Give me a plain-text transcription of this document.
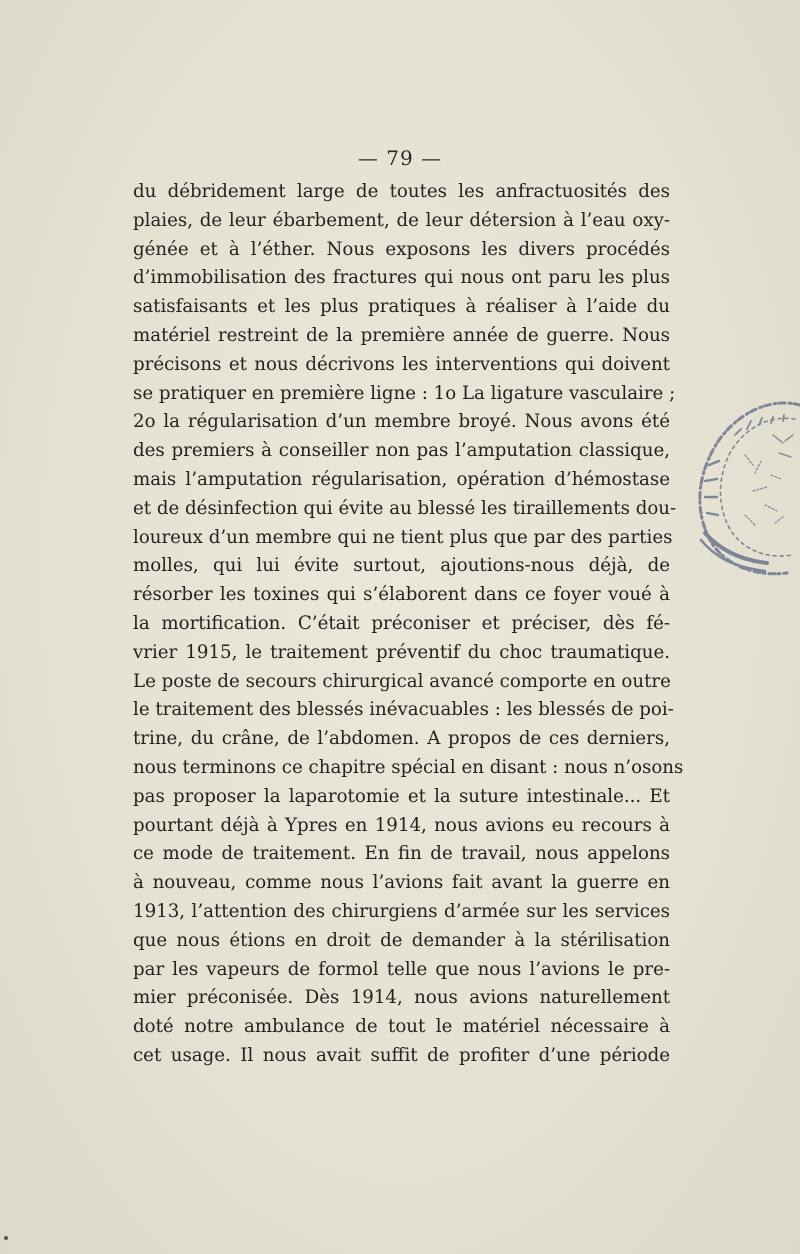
— 79 —
du débridement large de toutes les anfractuosités des
plaies, de leur ébarbement, de leur détersion à l’eau oxy-
génée et à l’éther. Nous exposons les divers procédés
d’immobilisation des fractures qui nous ont paru les plus
satisfaisants et les plus pratiques à réaliser à l’aide du
matériel restreint de la première année de guerre. Nous
précisons et nous décrivons les interventions qui doivent
se pratiquer en première ligne : 1o La ligature vasculaire ;
2o la régularisation d’un membre broyé. Nous avons été
des premiers à conseiller non pas l’amputation classique,
mais l’amputation régularisation, opération d’hémostase
et de désinfection qui évite au blessé les tiraillements dou-
loureux d’un membre qui ne tient plus que par des parties
molles, qui lui évite surtout, ajoutions-nous déjà, de
résorber les toxines qui s’élaborent dans ce foyer voué à
la mortification. C’était préconiser et préciser, dès fé-
vrier 1915, le traitement préventif du choc traumatique.
Le poste de secours chirurgical avancé comporte en outre
le traitement des blessés inévacuables : les blessés de poi-
trine, du crâne, de l’abdomen. A propos de ces derniers,
nous terminons ce chapitre spécial en disant : nous n’osons
pas proposer la laparotomie et la suture intestinale... Et
pourtant déjà à Ypres en 1914, nous avions eu recours à
ce mode de traitement. En fin de travail, nous appelons
à nouveau, comme nous l’avions fait avant la guerre en
1913, l’attention des chirurgiens d’armée sur les services
que nous étions en droit de demander à la stérilisation
par les vapeurs de formol telle que nous l’avions le pre-
mier préconisée. Dès 1914, nous avions naturellement
doté notre ambulance de tout le matériel nécessaire à
cet usage. Il nous avait suffit de profiter d’une période
